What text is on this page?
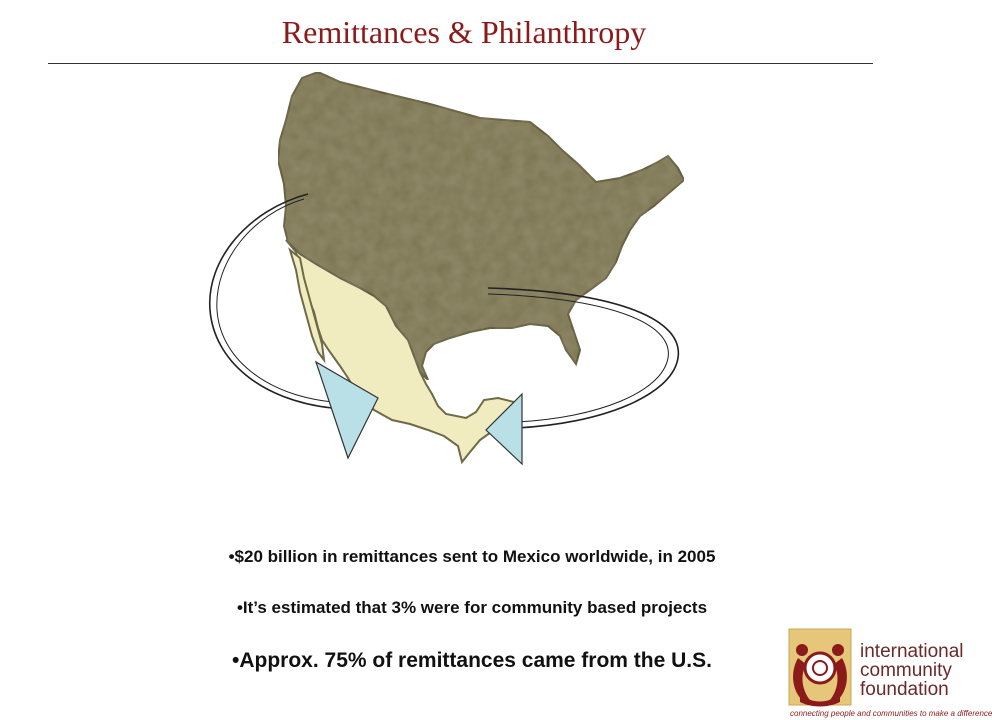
Remittances & Philanthropy
•$20 billion in remittances sent to Mexico worldwide, in 2005
•It’s estimated that 3% were for community based projects
•Approx. 75% of remittances came from the U.S.	international
community
foundation
connecting people and communities to make a difference
